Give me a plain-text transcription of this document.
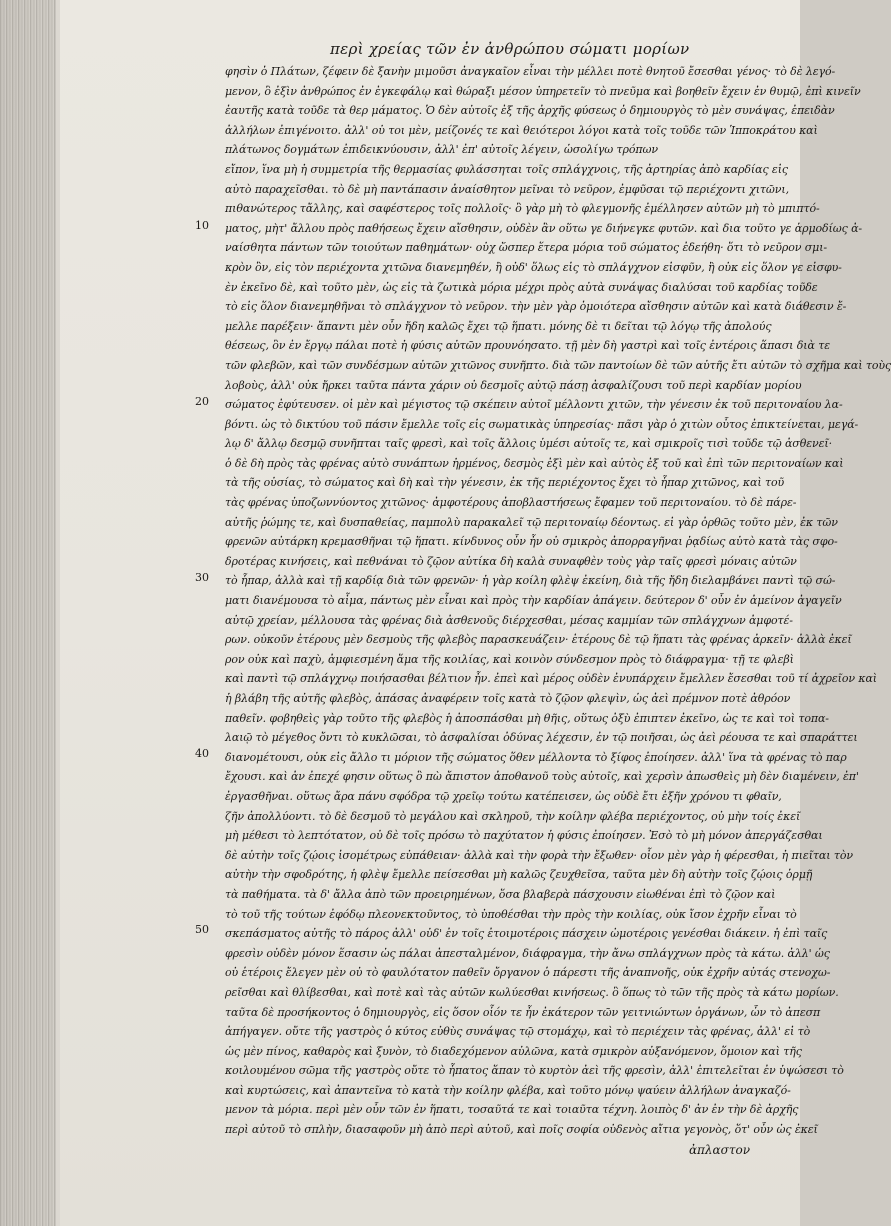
περὶ χρείας τῶν ἐν ἀνθρώπου σώματι μορίων
10
20
30
40
50
φησὶν ὁ Πλάτων, ζέφειν δὲ ξανὴν μιμοῦσι ἀναγκαῖον εἶναι τὴν μέλλει ποτὲ θνητοῦ ἔσεσθαι γένος· τὸ δὲ λεγό-
μενον, ὃ ἐξὶν ἀνθρώπος ἐν ἐγκεφάλῳ καὶ θώραξι μέσον ὑπηρετεῖν τὸ πνεῦμα καὶ βοηθεῖν ἔχειν ἐν θυμῷ, ἐπὶ κινεῖν
ἑαυτῆς κατὰ τοῦδε τὰ θερ μάματος. Ὁ δὲν αὐτοῖς ἐξ τῆς ἀρχῆς φύσεως ὁ δημιουργὸς τὸ μὲν συνάψας, ἐπειδὰν
ἀλλήλων ἐπιγένοιτο. ἀλλ' οὐ τοι μὲν, μείζονές τε καὶ θειότεροι λόγοι κατὰ τοῖς τοῦδε τῶν Ἱπποκράτου καὶ
πλάτωνος δογμάτων ἐπιδεικνύουσιν, ἀλλ' ἐπ' αὐτοῖς λέγειν, ὡσολίγω τρόπων
εἴπον, ἵνα μὴ ἡ συμμετρία τῆς θερμασίας φυλάσσηται τοῖς σπλάγχνοις, τῆς ἀρτηρίας ἀπὸ καρδίας εἰς
αὐτὸ παραχεῖσθαι. τὸ δὲ μὴ παντάπασιν ἀναίσθητον μεῖναι τὸ νεῦρον, ἐμφῦσαι τῷ περιέχοντι χιτῶνι,
πιθανώτερος τἄλλης, καὶ σαφέστερος τοῖς πολλοῖς· ὃ γὰρ μὴ τὸ φλεγμονῆς ἐμέλλησεν αὐτῶν μὴ τὸ μπιπτό-
ματος, μὴτ' ἄλλου πρὸς παθήσεως ἔχειν αἴσθησιν, οὐδὲν ἂν οὕτω γε διήνεγκε φυτῶν. καὶ δια τοῦτο γε ἁρμοδίως ἀ-
ναίσθητα πάντων τῶν τοιούτων παθημάτων· οὐχ ὥσπερ ἕτερα μόρια τοῦ σώματος ἐδεήθη· ὅτι τὸ νεῦρον σμι-
κρὸν ὂν, εἰς τὸν περιέχοντα χιτῶνα διανεμηθέν, ἢ οὐδ' ὅλως εἰς τὸ σπλάγχνον εἰσφῦν, ἢ οὐκ εἰς ὅλον γε εἰσφυ-
ὲν ἐκεῖνο δὲ, καὶ τοῦτο μὲν, ὡς εἰς τὰ ζωτικὰ μόρια μέχρι πρὸς αὐτὰ συνάψας διαλύσαι τοῦ καρδίας τοῦδε
τὸ εἰς ὅλον διανεμηθῆναι τὸ σπλάγχνον τὸ νεῦρον. τὴν μὲν γὰρ ὁμοιότερα αἴσθησιν αὐτῶν καὶ κατὰ διάθεσιν ἔ-
μελλε παρέξειν· ἅπαντι μὲν οὖν ἤδη καλῶς ἔχει τῷ ἥπατι. μόνης δὲ τι δεῖται τῷ λόγῳ τῆς ἀπολούς
θέσεως, ὃν ἐν ἔργῳ πάλαι ποτὲ ἡ φύσις αὐτῶν προυνόησατο. τῇ μὲν δὴ γαστρὶ καὶ τοῖς ἐντέροις ἅπασι διὰ τε
τῶν φλεβῶν, καὶ τῶν συνδέσμων αὐτῶν χιτῶνος συνῆπτο. διὰ τῶν παντοίων δὲ τῶν αὐτῆς ἔτι αὐτῶν τὸ σχῆμα καὶ τοὺς
λοβοὺς, ἀλλ' οὐκ ἤρκει ταῦτα πάντα χάριν οὐ δεσμοῖς αὐτῷ πάσῃ ἀσφαλίζουσι τοῦ περὶ καρδίαν μορίου
σώματος ἐφύτευσεν. οἱ μὲν καὶ μέγιστος τῷ σκέπειν αὐτοῖ μέλλοντι χιτῶν, τὴν γένεσιν ἐκ τοῦ περιτοναίου λα-
βόντι. ὡς τὸ δικτύου τοῦ πάσιν ἔμελλε τοῖς εἰς σωματικὰς ὑπηρεσίας· πᾶσι γὰρ ὁ χιτὼν οὗτος ἐπικτείνεται, μεγά-
λῳ δ' ἄλλῳ δεσμῷ συνῆπται ταῖς φρεσὶ, καὶ τοῖς ἄλλοις ὑμέσι αὐτοῖς τε, καὶ σμικροῖς τισὶ τοῦδε τῷ ἀσθενεῖ·
ὁ δὲ δὴ πρὸς τὰς φρένας αὐτὸ συνάπτων ἠρμένος, δεσμὸς ἐξὶ μὲν καὶ αὐτὸς ἐξ τοῦ καὶ ἐπὶ τῶν περιτοναίων καὶ
τὰ τῆς οὐσίας, τὸ σώματος καὶ δὴ καὶ τὴν γένεσιν, ἐκ τῆς περιέχοντος ἔχει τὸ ἧπαρ χιτῶνος, καὶ τοῦ
τὰς φρένας ὑποζωννύοντος χιτῶνος· ἀμφοτέρους ἀποβλαστήσεως ἔφαμεν τοῦ περιτοναίου. τὸ δὲ πάρε-
αὐτῆς ῥώμης τε, καὶ δυσπαθείας, παμπολὺ παρακαλεῖ τῷ περιτοναίῳ δέοντως. εἰ γὰρ ὀρθῶς τοῦτο μὲν, ἐκ τῶν
φρενῶν αὐτάρκη κρεμασθῆναι τῷ ἥπατι. κίνδυνος οὖν ἦν οὐ σμικρὸς ἀπορραγῆναι ῥᾳδίως αὐτὸ κατὰ τὰς σφο-
δροτέρας κινήσεις, καὶ πεθνάναι τὸ ζῷον αὐτίκα δὴ καλὰ συναφθὲν τοὺς γὰρ ταῖς φρεσὶ μόναις αὐτῶν
τὸ ἧπαρ, ἀλλὰ καὶ τῇ καρδίᾳ διὰ τῶν φρενῶν· ἡ γὰρ κοίλη φλὲψ ἐκείνη, διὰ τῆς ἤδη διελαμβάνει παντὶ τῷ σώ-
ματι διανέμουσα τὸ αἷμα, πάντως μὲν εἶναι καὶ πρὸς τὴν καρδίαν ἀπάγειν. δεύτερον δ' οὖν ἐν ἀμείνον ἀγαγεῖν
αὐτῷ χρείαν, μέλλουσα τὰς φρένας διὰ ἀσθενοῦς διέρχεσθαι, μέσας καμμίαν τῶν σπλάγχνων ἀμφοτέ-
ρων. οὐκοῦν ἑτέρους μὲν δεσμοὺς τῆς φλεβὸς παρασκευάζειν· ἑτέρους δὲ τῷ ἥπατι τὰς φρένας ἀρκεῖν· ἀλλὰ ἐκεῖ
ρον οὐκ καὶ παχὺ, ἀμφιεσμένη ἅμα τῆς κοιλίας, καὶ κοινὸν σύνδεσμον πρὸς τὸ διάφραγμα· τῇ τε φλεβὶ
καὶ παντὶ τῷ σπλάγχνῳ ποιήσασθαι βέλτιον ἦν. ἐπεὶ καὶ μέρος οὐδὲν ἐνυπάρχειν ἔμελλεν ἔσεσθαι τοῦ τί ἀχρεῖον καὶ
ἡ βλάβη τῆς αὐτῆς φλεβὸς, ἀπάσας ἀναφέρειν τοῖς κατὰ τὸ ζῷον φλεψὶν, ὡς ἀεὶ πρέμνον ποτὲ ἀθρόον
παθεῖν. φοβηθεὶς γὰρ τοῦτο τῆς φλεβὸς ἡ ἀποσπάσθαι μὴ θῆις, οὕτως ὀξὺ ἐπιπτεν ἐκεῖνο, ὡς τε καὶ τοὶ τοπα-
λαιῷ τὸ μέγεθος ὄντι τὸ κυκλῶσαι, τὸ ἀσφαλίσαι ὀδύνας λέχεσιν, ἐν τῷ ποιῆσαι, ὡς ἀεὶ ρέουσα τε καὶ σπαράττει
διανομέτουσι, οὐκ εἰς ἄλλο τι μόριον τῆς σώματος ὅθεν μέλλοντα τὸ ξίφος ἐποίησεν. ἀλλ' ἵνα τὰ φρένας τὸ παρ
ἔχουσι. καὶ ἀν ἐπεχέ φησιν οὕτως ὃ πὼ ἄπιστον ἀποθανοῦ τοὺς αὐτοῖς, καὶ χερσὶν ἀπωσθεὶς μὴ δὲν διαμένειν, ἐπ'
ἐργασθῆναι. οὕτως ἄρα πάνυ σφόδρα τῷ χρεῖῳ τούτω κατέπεισεν, ὡς οὐδὲ ἔτι ἐξῆν χρόνου τι φθαῖν,
ζῆν ἀπολλύοντι. τὸ δὲ δεσμοῦ τὸ μεγάλου καὶ σκληροῦ, τὴν κοίλην φλέβα περιέχοντος, οὐ μὴν τοίς ἐκεῖ
μὴ μέθεσι τὸ λεπτότατον, οὐ δὲ τοῖς πρόσω τὸ παχύτατον ἡ φύσις ἐποίησεν. Ἐσὸ τὸ μὴ μόνον ἀπεργάζεσθαι
δὲ αὐτὴν τοῖς ζῴοις ἰσομέτρως εὐπάθειαν· ἀλλὰ καὶ τὴν φορὰ τὴν ἔξωθεν· οἷον μὲν γὰρ ἡ φέρεσθαι, ἡ πιεῖται τὸν
αὐτὴν τὴν σφοδρότης, ἡ φλὲψ ἔμελλε πείσεσθαι μὴ καλῶς ζευχθεῖσα, ταῦτα μὲν δὴ αὐτὴν τοῖς ζῴοις ὁρμῇ
τὰ παθήματα. τὰ δ' ἄλλα ἀπὸ τῶν προειρημένων, ὅσα βλαβερὰ πάσχουσιν εἰωθέναι ἐπὶ τὸ ζῷον καὶ
τὸ τοῦ τῆς τούτων ἐφόδῳ πλεονεκτοῦντος, τὸ ὑποθέσθαι τὴν πρὸς τὴν κοιλίας, οὐκ ἴσον ἐχρῆν εἶναι τὸ
σκεπάσματος αὐτῆς τὸ πάρος ἀλλ' οὐδ' ἐν τοῖς ἐτοιμοτέροις πάσχειν ὠμοτέροις γενέσθαι διάκειν. ἠ ἐπὶ ταῖς
φρεσὶν οὐδὲν μόνον ἕσασιν ὡς πάλαι ἀπεσταλμένον, διάφραγμα, τὴν ἄνω σπλάγχνων πρὸς τὰ κάτω. ἀλλ' ὡς
οὐ ἑτέροις ἔλεγεν μὲν οὐ τὸ φαυλότατον παθεῖν ὄργανον ὁ πάρεστι τῆς ἀναπνοῆς, οὐκ ἐχρῆν αὐτάς στενοχω-
ρεῖσθαι καὶ θλίβεσθαι, καὶ ποτὲ καὶ τὰς αὐτῶν κωλύεσθαι κινήσεως. ὃ ὅπως τὸ τῶν τῆς πρὸς τὰ κάτω μορίων.
ταῦτα δὲ προσήκοντος ὁ δημιουργὸς, εἰς ὅσον οἷόν τε ἦν ἐκάτερον τῶν γειτνιώντων ὀργάνων, ὧν τὸ ἀπεσπ
ἀπήγαγεν. οὔτε τῆς γαστρὸς ὁ κύτος εὐθὺς συνάψας τῷ στομάχῳ, καὶ τὸ περιέχειν τὰς φρένας, ἀλλ' εἰ τὸ
ὡς μὲν πίνος, καθαρὸς καὶ ξυνὸν, τὸ διαδεχόμενον αὐλῶνα, κατὰ σμικρὸν αὐξανόμενον, ὅμοιον καὶ τῆς
κοιλουμένου σῶμα τῆς γαστρὸς οὔτε τὸ ἧπατος ἅπαν τὸ κυρτὸν ἀεὶ τῆς φρεσὶν, ἀλλ' ἐπιτελεῖται ἐν ὑψώσεσι τὸ
καὶ κυρτώσεις, καὶ ἀπαντεῖνα τὸ κατὰ τὴν κοίλην φλέβα, καὶ τοῦτο μόνῳ ψαύειν ἀλλήλων ἀναγκαζό-
μενον τὰ μόρια. περὶ μὲν οὖν τῶν ἐν ἥπατι, τοσαῦτά τε καὶ τοιαῦτα τέχνη. λοιπὸς δ' ἀν ἐν τὴν δὲ ἀρχῆς
περὶ αὐτοῦ τὸ σπλὴν, διασαφοῦν μὴ ἀπὸ περὶ αὐτοῦ, καὶ ποῖς σοφία οὐδενὸς αἴτια γεγονὸς, ὅτ' οὖν ὡς ἐκεῖ
ἀπλαστον
